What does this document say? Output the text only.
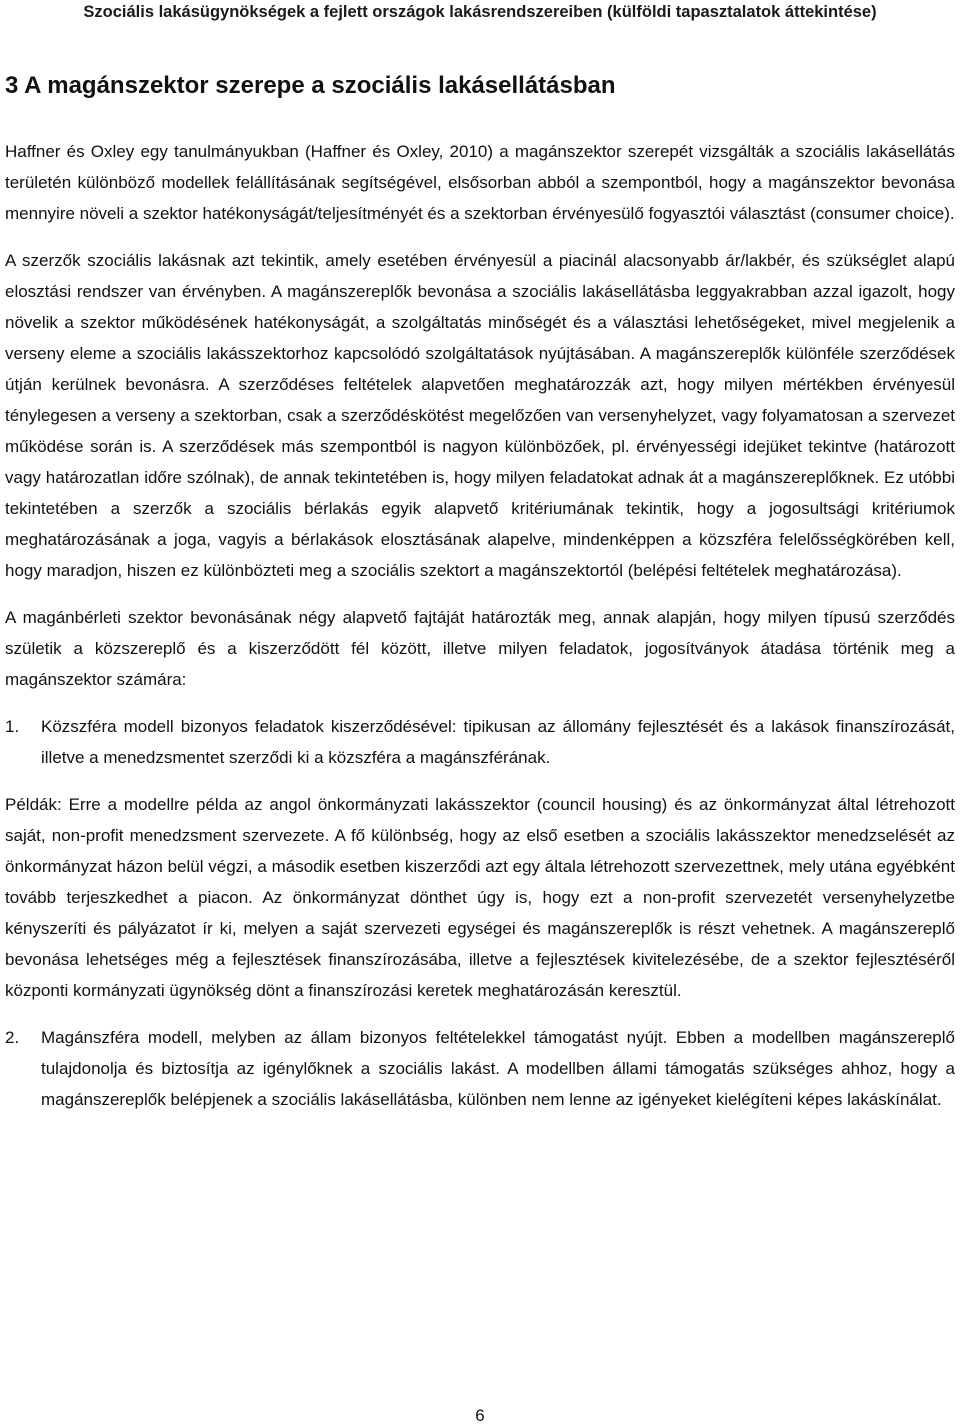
Szociális lakásügynökségek a fejlett országok lakásrendszereiben (külföldi tapasztalatok áttekintése)
3 A magánszektor szerepe a szociális lakásellátásban

Haffner és Oxley egy tanulmányukban (Haffner és Oxley, 2010) a magánszektor szerepét vizsgálták a szociális lakásellátás területén különböző modellek felállításának segítségével, elsősorban abból a szempontból, hogy a magánszektor bevonása mennyire növeli a szektor hatékonyságát/teljesítményét és a szektorban érvényesülő fogyasztói választást (consumer choice).

A szerzők szociális lakásnak azt tekintik, amely esetében érvényesül a piacinál alacsonyabb ár/lakbér, és szükséglet alapú elosztási rendszer van érvényben. A magánszereplők bevonása a szociális lakásellátásba leggyakrabban azzal igazolt, hogy növelik a szektor működésének hatékonyságát, a szolgáltatás minőségét és a választási lehetőségeket, mivel megjelenik a verseny eleme a szociális lakásszektorhoz kapcsolódó szolgáltatások nyújtásában. A magánszereplők különféle szerződések útján kerülnek bevonásra. A szerződéses feltételek alapvetően meghatározzák azt, hogy milyen mértékben érvényesül ténylegesen a verseny a szektorban, csak a szerződéskötést megelőzően van versenyhelyzet, vagy folyamatosan a szervezet működése során is. A szerződések más szempontból is nagyon különbözőek, pl. érvényességi idejüket tekintve (határozott vagy határozatlan időre szólnak), de annak tekintetében is, hogy milyen feladatokat adnak át a magánszereplőknek. Ez utóbbi tekintetében a szerzők a szociális bérlakás egyik alapvető kritériumának tekintik, hogy a jogosultsági kritériumok meghatározásának a joga, vagyis a bérlakások elosztásának alapelve, mindenképpen a közszféra felelősségkörében kell, hogy maradjon, hiszen ez különbözteti meg a szociális szektort a magánszektortól (belépési feltételek meghatározása).

A magánbérleti szektor bevonásának négy alapvető fajtáját határozták meg, annak alapján, hogy milyen típusú szerződés születik a közszereplő és a kiszerződött fél között, illetve milyen feladatok, jogosítványok átadása történik meg a magánszektor számára:

1.	Közszféra modell bizonyos feladatok kiszerződésével: tipikusan az állomány fejlesztését és a lakások finanszírozását, illetve a menedzsmentet szerződi ki a közszféra a magánszférának.

Példák: Erre a modellre példa az angol önkormányzati lakásszektor (council housing) és az önkormányzat által létrehozott saját, non-profit menedzsment szervezete. A fő különbség, hogy az első esetben a szociális lakásszektor menedzselését az önkormányzat házon belül végzi, a második esetben kiszerződi azt egy általa létrehozott szervezettnek, mely utána egyébként tovább terjeszkedhet a piacon. Az önkormányzat dönthet úgy is, hogy ezt a non-profit szervezetét versenyhelyzetbe kényszeríti és pályázatot ír ki, melyen a saját szervezeti egységei és magánszereplők is részt vehetnek. A magánszereplő bevonása lehetséges még a fejlesztések finanszírozásába, illetve a fejlesztések kivitelezésébe, de a szektor fejlesztéséről központi kormányzati ügynökség dönt a finanszírozási keretek meghatározásán keresztül.

2.	Magánszféra modell, melyben az állam bizonyos feltételekkel támogatást nyújt. Ebben a modellben magánszereplő tulajdonolja és biztosítja az igénylőknek a szociális lakást. A modellben állami támogatás szükséges ahhoz, hogy a magánszereplők belépjenek a szociális lakásellátásba, különben nem lenne az igényeket kielégíteni képes lakáskínálat.

6
